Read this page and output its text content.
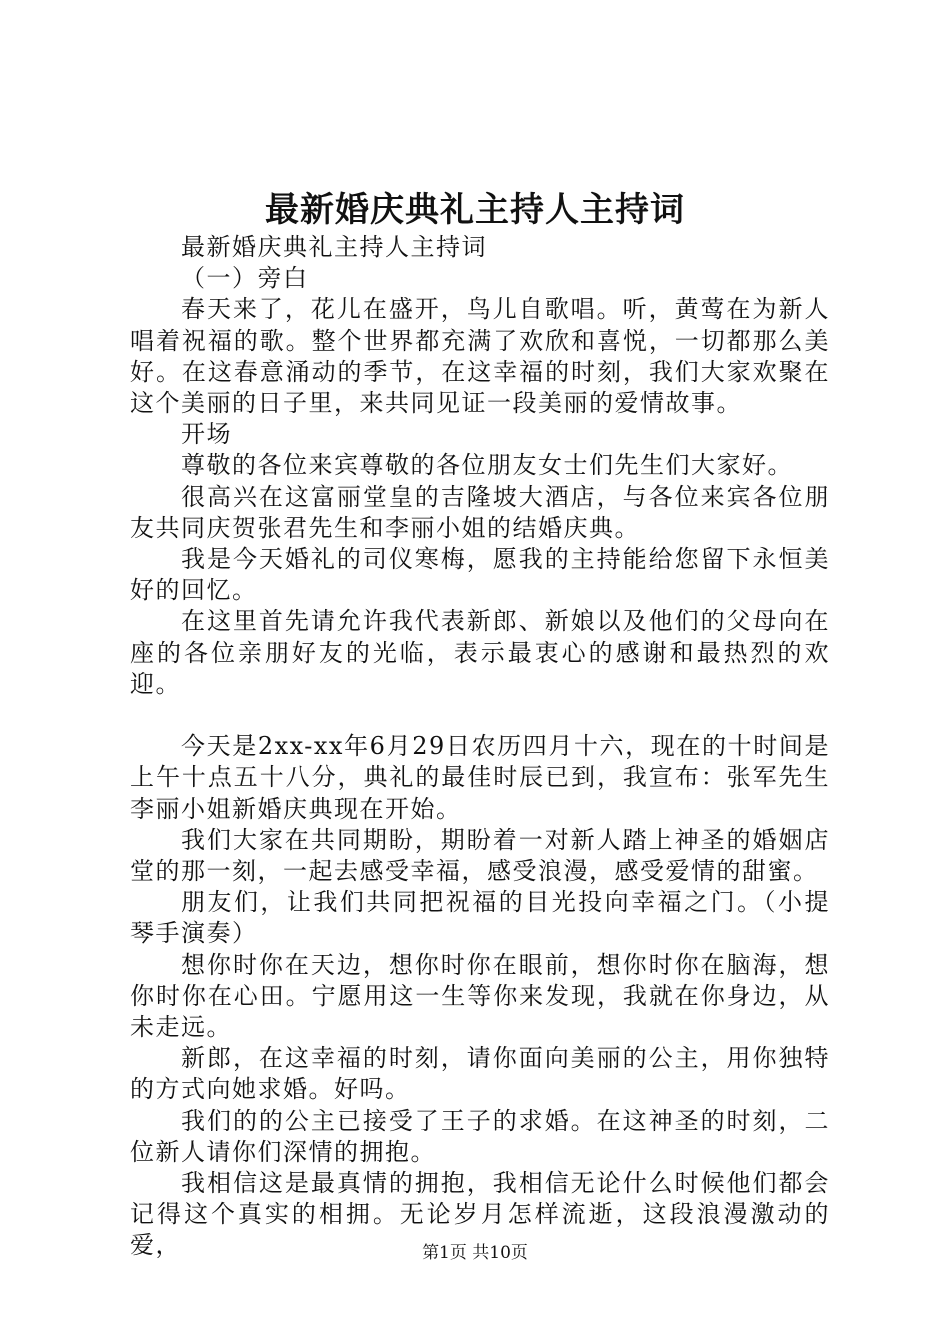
最新婚庆典礼主持人主持词

最新婚庆典礼主持人主持词

（一）旁白

春天来了，花儿在盛开，鸟儿自歌唱。听，黄莺在为新人唱着祝福的歌。整个世界都充满了欢欣和喜悦，一切都那么美好。在这春意涌动的季节，在这幸福的时刻，我们大家欢聚在这个美丽的日子里，来共同见证一段美丽的爱情故事。

开场

尊敬的各位来宾尊敬的各位朋友女士们先生们大家好。

很高兴在这富丽堂皇的吉隆坡大酒店，与各位来宾各位朋友共同庆贺张君先生和李丽小姐的结婚庆典。

我是今天婚礼的司仪寒梅，愿我的主持能给您留下永恒美好的回忆。

在这里首先请允许我代表新郎、新娘以及他们的父母向在座的各位亲朋好友的光临，表示最衷心的感谢和最热烈的欢迎。

今天是2xx-xx年6月29日农历四月十六，现在的十时间是上午十点五十八分，典礼的最佳时辰已到，我宣布：张军先生李丽小姐新婚庆典现在开始。

我们大家在共同期盼，期盼着一对新人踏上神圣的婚姻店堂的那一刻，一起去感受幸福，感受浪漫，感受爱情的甜蜜。

朋友们，让我们共同把祝福的目光投向幸福之门。（小提琴手演奏）

想你时你在天边，想你时你在眼前，想你时你在脑海，想你时你在心田。宁愿用这一生等你来发现，我就在你身边，从未走远。

新郎，在这幸福的时刻，请你面向美丽的公主，用你独特的方式向她求婚。好吗。

我们的的公主已接受了王子的求婚。在这神圣的时刻，二位新人请你们深情的拥抱。

我相信这是最真情的拥抱，我相信无论什么时候他们都会记得这个真实的相拥。无论岁月怎样流逝，这段浪漫激动的爱，	第1页 共10页
